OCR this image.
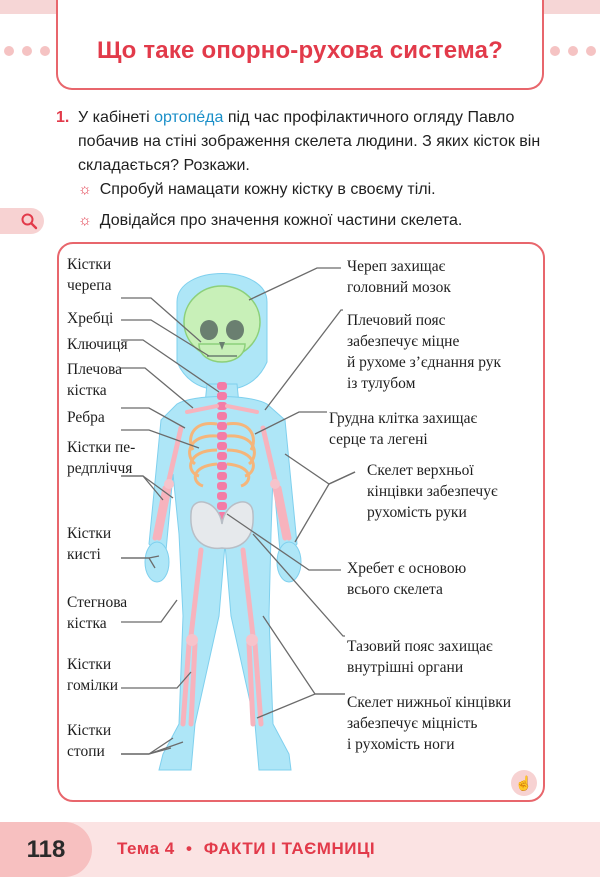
Що таке опорно-рухова система?
1. У кабінеті ортопéда під час профілактичного огляду Павло побачив на стіні зображення скелета людини. З яких кісток він складається? Розкажи.
☼ Спробуй намацати кожну кістку в своєму тілі.
☼ Довідайся про значення кожної частини скелета.
Кістки
черепа
Хребці
Ключиця
Плечова
кістка
Ребра
Кістки пе-
редпліччя
Кістки
кисті
Стегнова
кістка
Кістки
гомілки
Кістки
стопи
Череп захищає
головний мозок
Плечовий пояс
забезпечує міцне
й рухоме з’єднання рук
із тулубом
Грудна клітка захищає
серце та легені
Скелет верхньої
кінцівки забезпечує
рухомість руки
Хребет є основою
всього скелета
Тазовий пояс захищає
внутрішні органи
Скелет нижньої кінцівки
забезпечує міцність
і рухомість ноги
☝
118	Тема 4 • ФАКТИ І ТАЄМНИЦІ
